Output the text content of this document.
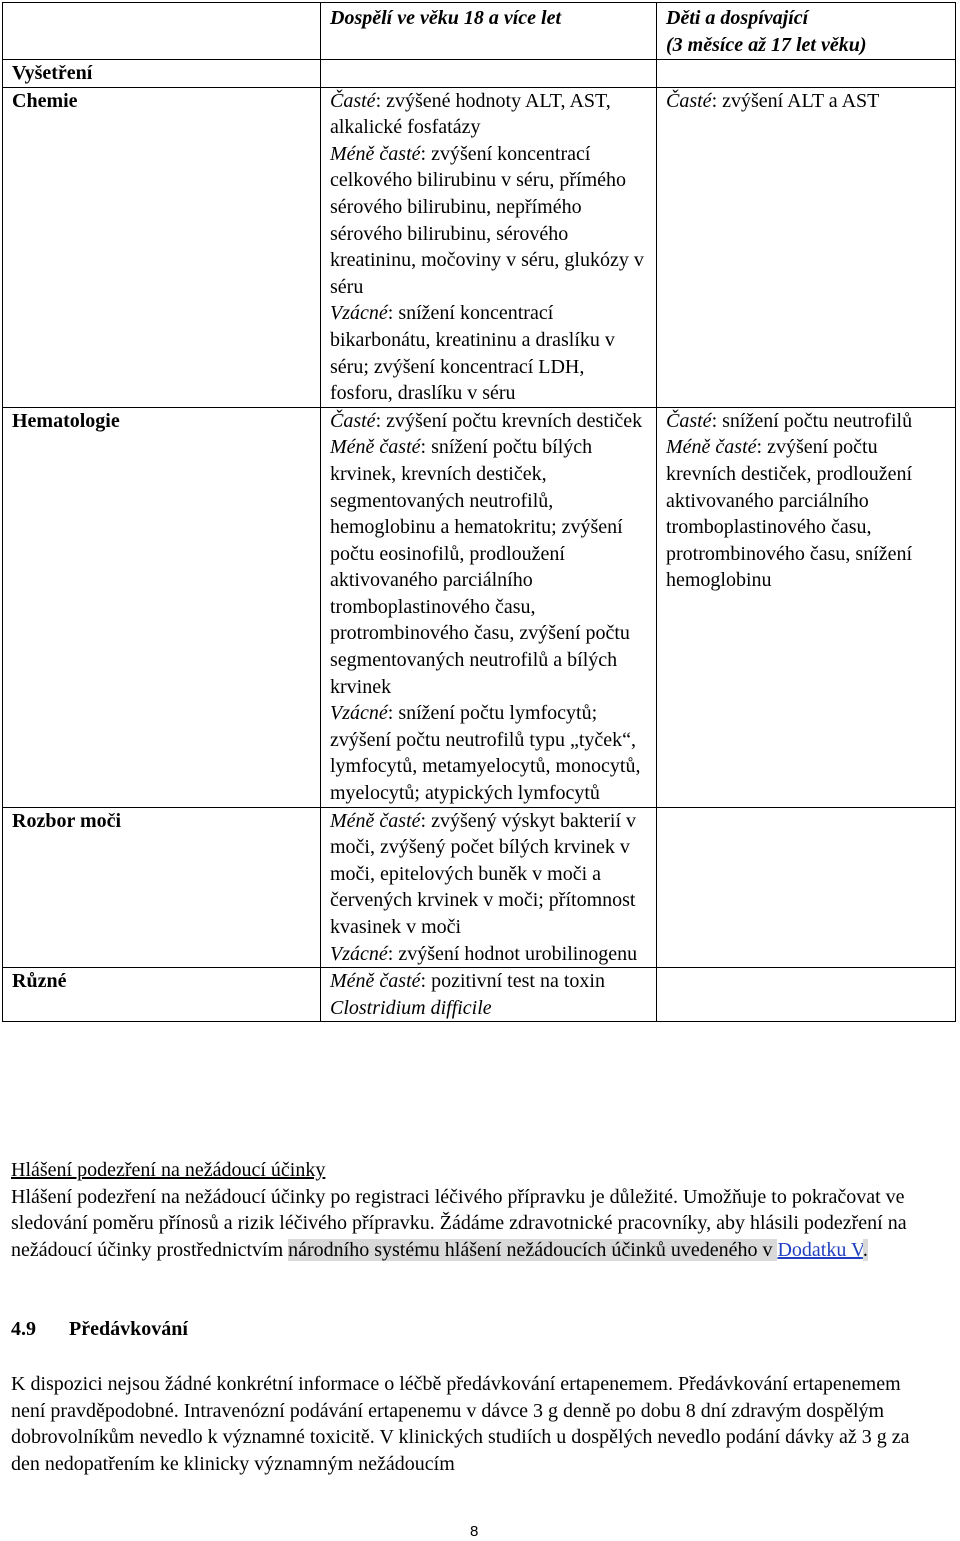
	Dospělí ve věku 18 a více let	Děti a dospívající
(3 měsíce až 17 let věku)

Vyšetření		
Chemie	Časté: zvýšené hodnoty ALT, AST, alkalické fosfatázy
Méně časté: zvýšení koncentrací celkového bilirubinu v séru, přímého sérového bilirubinu, nepřímého sérového bilirubinu, sérového kreatininu, močoviny v séru, glukózy v séru
Vzácné: snížení koncentrací bikarbonátu, kreatininu a draslíku v séru; zvýšení koncentrací LDH, fosforu, draslíku v séru	Časté: zvýšení ALT a AST
Hematologie	Časté: zvýšení počtu krevních destiček
Méně časté: snížení počtu bílých krvinek, krevních destiček, segmentovaných neutrofilů, hemoglobinu a hematokritu; zvýšení počtu eosinofilů, prodloužení aktivovaného parciálního tromboplastinového času, protrombinového času, zvýšení počtu segmentovaných neutrofilů a bílých krvinek
Vzácné: snížení počtu lymfocytů; zvýšení počtu neutrofilů typu „tyček“, lymfocytů, metamyelocytů, monocytů, myelocytů; atypických lymfocytů	Časté: snížení počtu neutrofilů
Méně časté: zvýšení počtu krevních destiček, prodloužení aktivovaného parciálního tromboplastinového času, protrombinového času, snížení hemoglobinu
Rozbor moči	Méně časté: zvýšený výskyt bakterií v moči, zvýšený počet bílých krvinek v moči, epitelových buněk v moči a červených krvinek v moči; přítomnost kvasinek v moči
Vzácné: zvýšení hodnot urobilinogenu	
Různé	Méně časté: pozitivní test na toxin
Clostridium difficile	
Hlášení podezření na nežádoucí účinky
Hlášení podezření na nežádoucí účinky po registraci léčivého přípravku je důležité. Umožňuje to pokračovat ve sledování poměru přínosů a rizik léčivého přípravku. Žádáme zdravotnické pracovníky, aby hlásili podezření na nežádoucí účinky prostřednictvím národního systému hlášení nežádoucích účinků uvedeného v Dodatku V.
4.9 Předávkování
K dispozici nejsou žádné konkrétní informace o léčbě předávkování ertapenemem. Předávkování ertapenemem není pravděpodobné. Intravenózní podávání ertapenemu v dávce 3 g denně po dobu 8 dní zdravým dospělým dobrovolníkům nevedlo k významné toxicitě. V klinických studiích u dospělých nevedlo podání dávky až 3 g za den nedopatřením ke klinicky významným nežádoucím
8
